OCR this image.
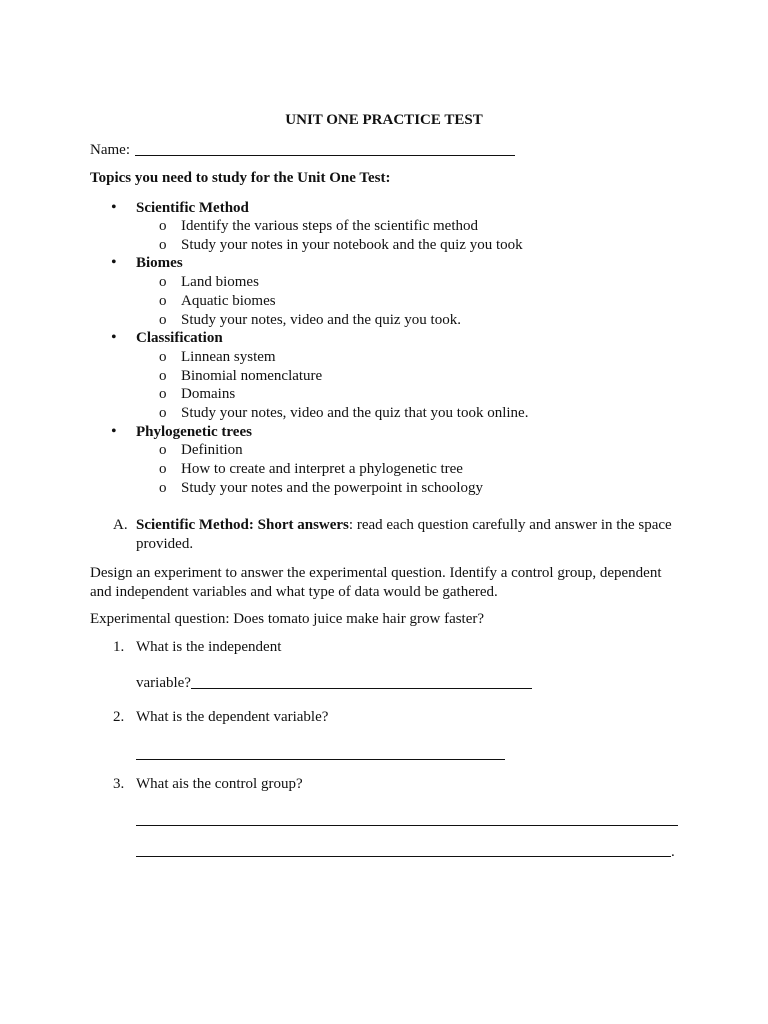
UNIT ONE PRACTICE TEST
Name:
Topics you need to study for the Unit One Test:
• Scientific Method
o Identify the various steps of the scientific method
o Study your notes in your notebook and the quiz you took
• Biomes
o Land biomes
o Aquatic biomes
o Study your notes, video and the quiz you took.
• Classification
o Linnean system
o Binomial nomenclature
o Domains
o Study your notes, video and the quiz that you took online.
• Phylogenetic trees
o Definition
o How to create and interpret a phylogenetic tree
o Study your notes and the powerpoint in schoology
A. Scientific Method: Short answers: read each question carefully and answer in the space
provided.
Design an experiment to answer the experimental question. Identify a control group, dependent
and independent variables and what type of data would be gathered.
Experimental question: Does tomato juice make hair grow faster?
1. What is the independent
variable?
2. What is the dependent variable?
3. What ais the control group?
.
